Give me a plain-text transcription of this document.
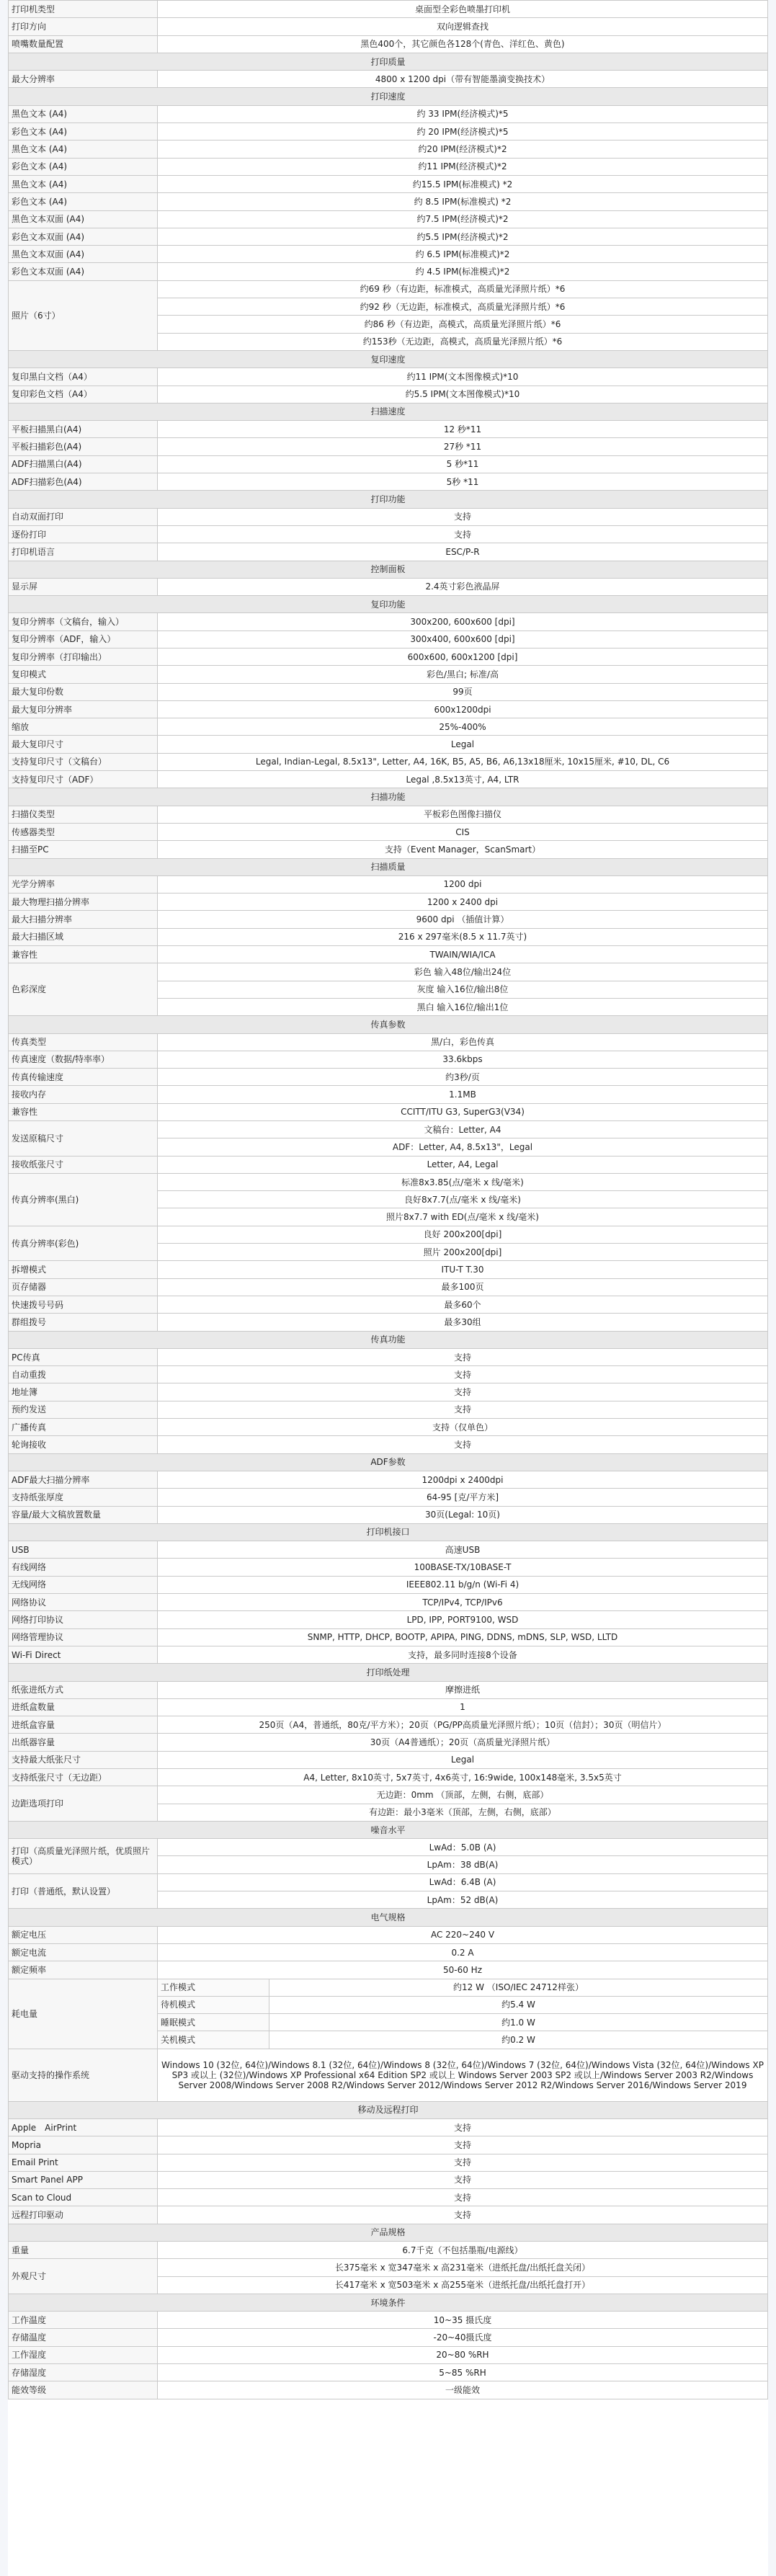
打印机类型	桌面型全彩色喷墨打印机	
打印方向	双向逻辑查找	
喷嘴数量配置	黑色400个，其它颜色各128个(青色、洋红色、黄色)	
打印质量		
最大分辨率	4800 x 1200 dpi（带有智能墨滴变换技术）	
打印速度		
黑色文本 (A4)	约 33 IPM(经济模式)*5	
彩色文本 (A4)	约 20 IPM(经济模式)*5	
黑色文本 (A4)	约20 IPM(经济模式)*2	
彩色文本 (A4)	约11 IPM(经济模式)*2	
黑色文本 (A4)	约15.5 IPM(标准模式) *2	
彩色文本 (A4)	约 8.5 IPM(标准模式) *2	
黑色文本双面 (A4)	约7.5 IPM(经济模式)*2	
彩色文本双面 (A4)	约5.5 IPM(经济模式)*2	
黑色文本双面 (A4)	约 6.5 IPM(标准模式)*2	
彩色文本双面 (A4)	约 4.5 IPM(标准模式)*2	
照片（6寸）	约69 秒（有边距，标准模式，高质量光泽照片纸）*6	
	约92 秒（无边距，标准模式，高质量光泽照片纸）*6	
	约86 秒（有边距，高模式，高质量光泽照片纸）*6	
	约153秒（无边距，高模式，高质量光泽照片纸）*6	
复印速度		
复印黑白文档（A4）	约11 IPM(文本图像模式)*10	
复印彩色文档（A4）	约5.5 IPM(文本图像模式)*10	
扫描速度		
平板扫描黑白(A4)	12 秒*11	
平板扫描彩色(A4)	27秒 *11	
ADF扫描黑白(A4)	5 秒*11	
ADF扫描彩色(A4)	5秒 *11	
打印功能		
自动双面打印	支持	
逐份打印	支持	
打印机语言	ESC/P-R	
控制面板		
显示屏	2.4英寸彩色液晶屏	
复印功能		
复印分辨率（文稿台，输入）	300x200, 600x600 [dpi]	
复印分辨率（ADF，输入）	300x400, 600x600 [dpi]	
复印分辨率（打印输出）	600x600, 600x1200 [dpi]	
复印模式	彩色/黑白; 标准/高	
最大复印份数	99页	
最大复印分辨率	600x1200dpi	
缩放	25%-400%	
最大复印尺寸	Legal	
支持复印尺寸（文稿台）	Legal, Indian-Legal, 8.5x13", Letter, A4, 16K, B5, A5, B6, A6,13x18厘米, 10x15厘米, #10, DL, C6	
支持复印尺寸（ADF）	Legal ,8.5x13英寸, A4, LTR	
扫描功能		
扫描仪类型	平板彩色图像扫描仪	
传感器类型	CIS	
扫描至PC	支持（Event Manager，ScanSmart）	
扫描质量		
光学分辨率	1200 dpi	
最大物理扫描分辨率	1200 x 2400 dpi	
最大扫描分辨率	9600 dpi （插值计算）	
最大扫描区域	216 x 297毫米(8.5 x 11.7英寸)	
兼容性	TWAIN/WIA/ICA	
色彩深度	彩色 输入48位/输出24位	
	灰度 输入16位/输出8位	
	黑白 输入16位/输出1位	
传真参数		
传真类型	黑/白，彩色传真	
传真速度（数据/特率率）	33.6kbps	
传真传输速度	约3秒/页	
接收内存	1.1MB	
兼容性	CCITT/ITU G3, SuperG3(V34)	
发送原稿尺寸	文稿台：Letter, A4	
	ADF：Letter, A4, 8.5x13"，Legal	
接收纸张尺寸	Letter, A4, Legal	
传真分辨率(黑白)	标准8x3.85(点/毫米 x 线/毫米)	
	良好8x7.7(点/毫米 x 线/毫米)	
	照片8x7.7 with ED(点/毫米 x 线/毫米)	
传真分辨率(彩色)	良好 200x200[dpi]	
	照片 200x200[dpi]	
拆增模式	ITU-T T.30	
页存储器	最多100页	
快速拨号号码	最多60个	
群组拨号	最多30组	
传真功能		
PC传真	支持	
自动重拨	支持	
地址簿	支持	
预约发送	支持	
广播传真	支持（仅单色）	
轮询接收	支持	
ADF参数		
ADF最大扫描分辨率	1200dpi x 2400dpi	
支持纸张厚度	64-95 [克/平方米]	
容量/最大文稿放置数量	30页(Legal: 10页)	
打印机接口		
USB	高速USB	
有线网络	100BASE-TX/10BASE-T	
无线网络	IEEE802.11 b/g/n (Wi-Fi 4)	
网络协议	TCP/IPv4, TCP/IPv6	
网络打印协议	LPD, IPP, PORT9100, WSD	
网络管理协议	SNMP, HTTP, DHCP, BOOTP, APIPA, PING, DDNS, mDNS, SLP, WSD, LLTD	
Wi-Fi Direct	支持，最多同时连接8个设备	
打印纸处理		
纸张进纸方式	摩擦进纸	
进纸盒数量	1	
进纸盒容量	250页（A4，普通纸，80克/平方米）；20页（PG/PP高质量光泽照片纸）；10页（信封）；30页（明信片）	
出纸器容量	30页（A4普通纸）；20页（高质量光泽照片纸）	
支持最大纸张尺寸	Legal	
支持纸张尺寸（无边距）	A4, Letter, 8x10英寸, 5x7英寸, 4x6英寸, 16:9wide, 100x148毫米, 3.5x5英寸	
边距选项打印	无边距：0mm （顶部，左侧，右侧，底部）	
	有边距：最小3毫米（顶部，左侧，右侧，底部）	
噪音水平		
打印（高质量光泽照片纸，优质照片模式）	LwAd：5.0B (A)	
	LpAm：38 dB(A)	
打印（普通纸，默认设置）	LwAd：6.4B (A)	
	LpAm：52 dB(A)	
电气规格		
额定电压	AC 220~240 V	
额定电流	0.2 A	
额定频率	50-60 Hz	
耗电量	工作模式	约12 W （ISO/IEC 24712样张）
	待机模式	约5.4 W
	睡眠模式	约1.0 W
	关机模式	约0.2 W
驱动支持的操作系统	Windows 10 (32位, 64位)/Windows 8.1 (32位, 64位)/Windows 8 (32位, 64位)/Windows 7 (32位, 64位)/Windows Vista (32位, 64位)/Windows XP SP3 或以上 (32位)/Windows XP Professional x64 Edition SP2 或以上 Windows Server 2003 SP2 或以上/Windows Server 2003 R2/Windows Server 2008/Windows Server 2008 R2/Windows Server 2012/Windows Server 2012 R2/Windows Server 2016/Windows Server 2019	
移动及远程打印		
Apple　AirPrint	支持	
Mopria	支持	
Email Print	支持	
Smart Panel APP	支持	
Scan to Cloud	支持	
远程打印驱动	支持	
产品规格		
重量	6.7千克（不包括墨瓶/电源线）	
外观尺寸	长375毫米 x 宽347毫米 x 高231毫米（进纸托盘/出纸托盘关闭）	
	长417毫米 x 宽503毫米 x 高255毫米（进纸托盘/出纸托盘打开）	
环境条件		
工作温度	10~35 摄氏度	
存储温度	-20~40摄氏度	
工作湿度	20~80 %RH	
存储湿度	5~85 %RH	
能效等级	一级能效	
